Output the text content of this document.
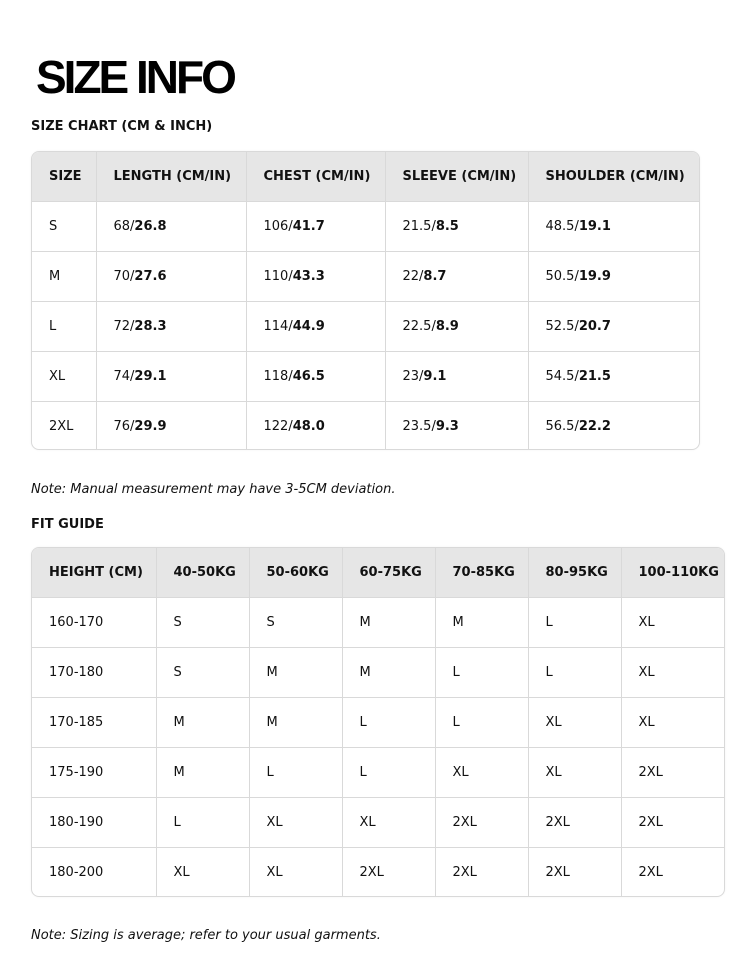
SIZE INFO
SIZE CHART (CM & INCH)
SIZE	LENGTH (CM/IN)	CHEST (CM/IN)	SLEEVE (CM/IN)	SHOULDER (CM/IN)
S	68/26.8	106/41.7	21.5/8.5	48.5/19.1
M	70/27.6	110/43.3	22/8.7	50.5/19.9
L	72/28.3	114/44.9	22.5/8.9	52.5/20.7
XL	74/29.1	118/46.5	23/9.1	54.5/21.5
2XL	76/29.9	122/48.0	23.5/9.3	56.5/22.2
Note: Manual measurement may have 3-5CM deviation.
FIT GUIDE
HEIGHT (CM)	40-50KG	50-60KG	60-75KG	70-85KG	80-95KG	100-110KG
160-170	S	S	M	M	L	XL
170-180	S	M	M	L	L	XL
170-185	M	M	L	L	XL	XL
175-190	M	L	L	XL	XL	2XL
180-190	L	XL	XL	2XL	2XL	2XL
180-200	XL	XL	2XL	2XL	2XL	2XL
Note: Sizing is average; refer to your usual garments.
